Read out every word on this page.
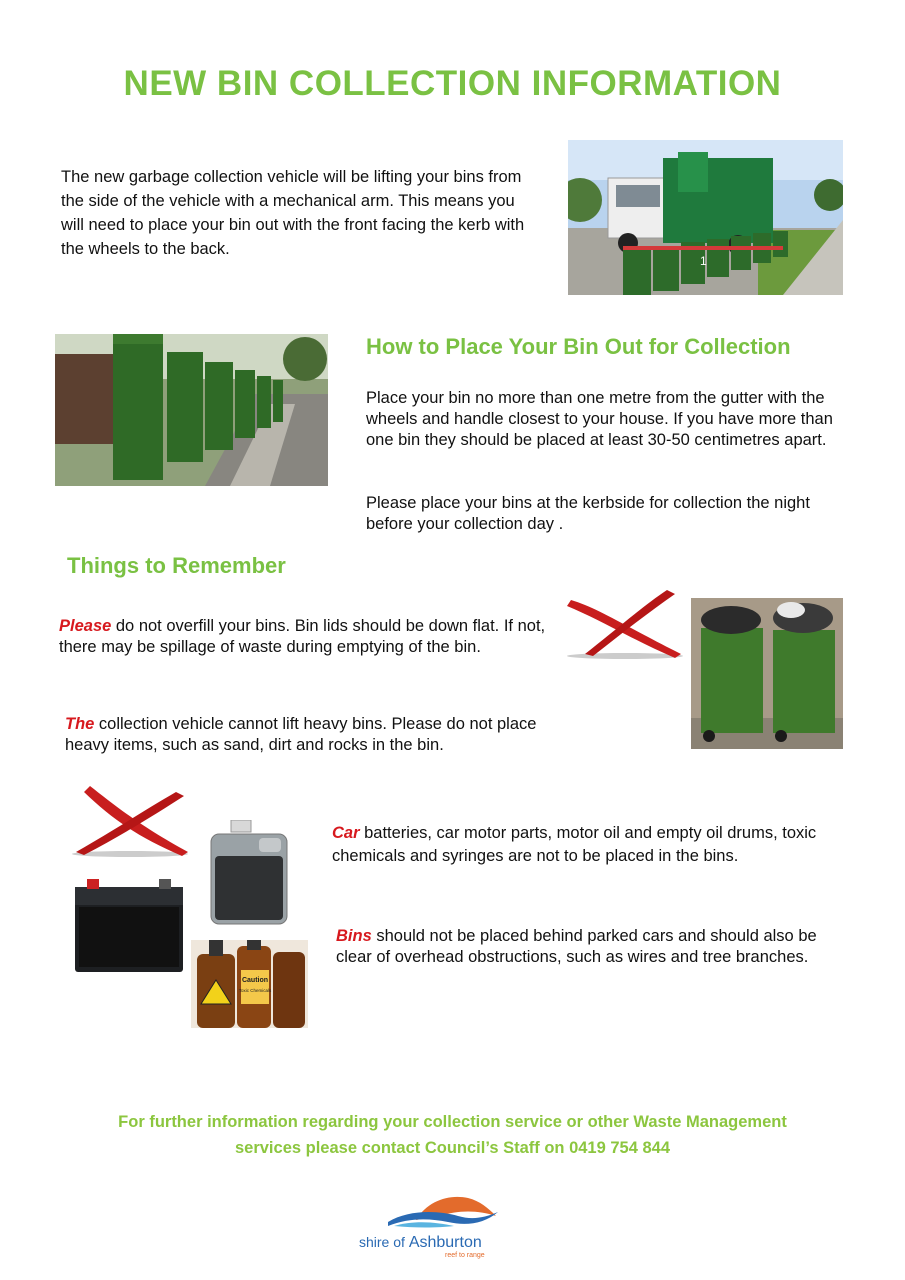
NEW BIN COLLECTION INFORMATION
The new garbage collection vehicle will be lifting your bins from the side of the vehicle with a mechanical arm. This means you will need to place your bin out with the front facing the kerb with the wheels to the back.
1
How to Place Your Bin Out for Collection
Place your bin no more than one metre from the gutter with the wheels and handle closest to your house. If you have more than one bin they should be placed at least 30-50 centimetres apart.
Please place your bins at the kerbside for collection the night before your collection day .
Things to Remember
Please do not overfill your bins. Bin lids should be down flat. If not, there may be spillage of waste during emptying of the bin.
The collection vehicle cannot lift heavy bins. Please do not place heavy items, such as sand, dirt and rocks in the bin.
Caution
Toxic Chemicals
Car batteries, car motor parts, motor oil and empty oil drums, toxic chemicals and syringes are not to be placed in the bins.
Bins should not be placed behind parked cars and should also be clear of overhead obstructions, such as wires and tree branches.
For further information regarding your collection service or other Waste Management
services please contact Council’s Staff on 0419 754 844
shire of Ashburton
reef to range
